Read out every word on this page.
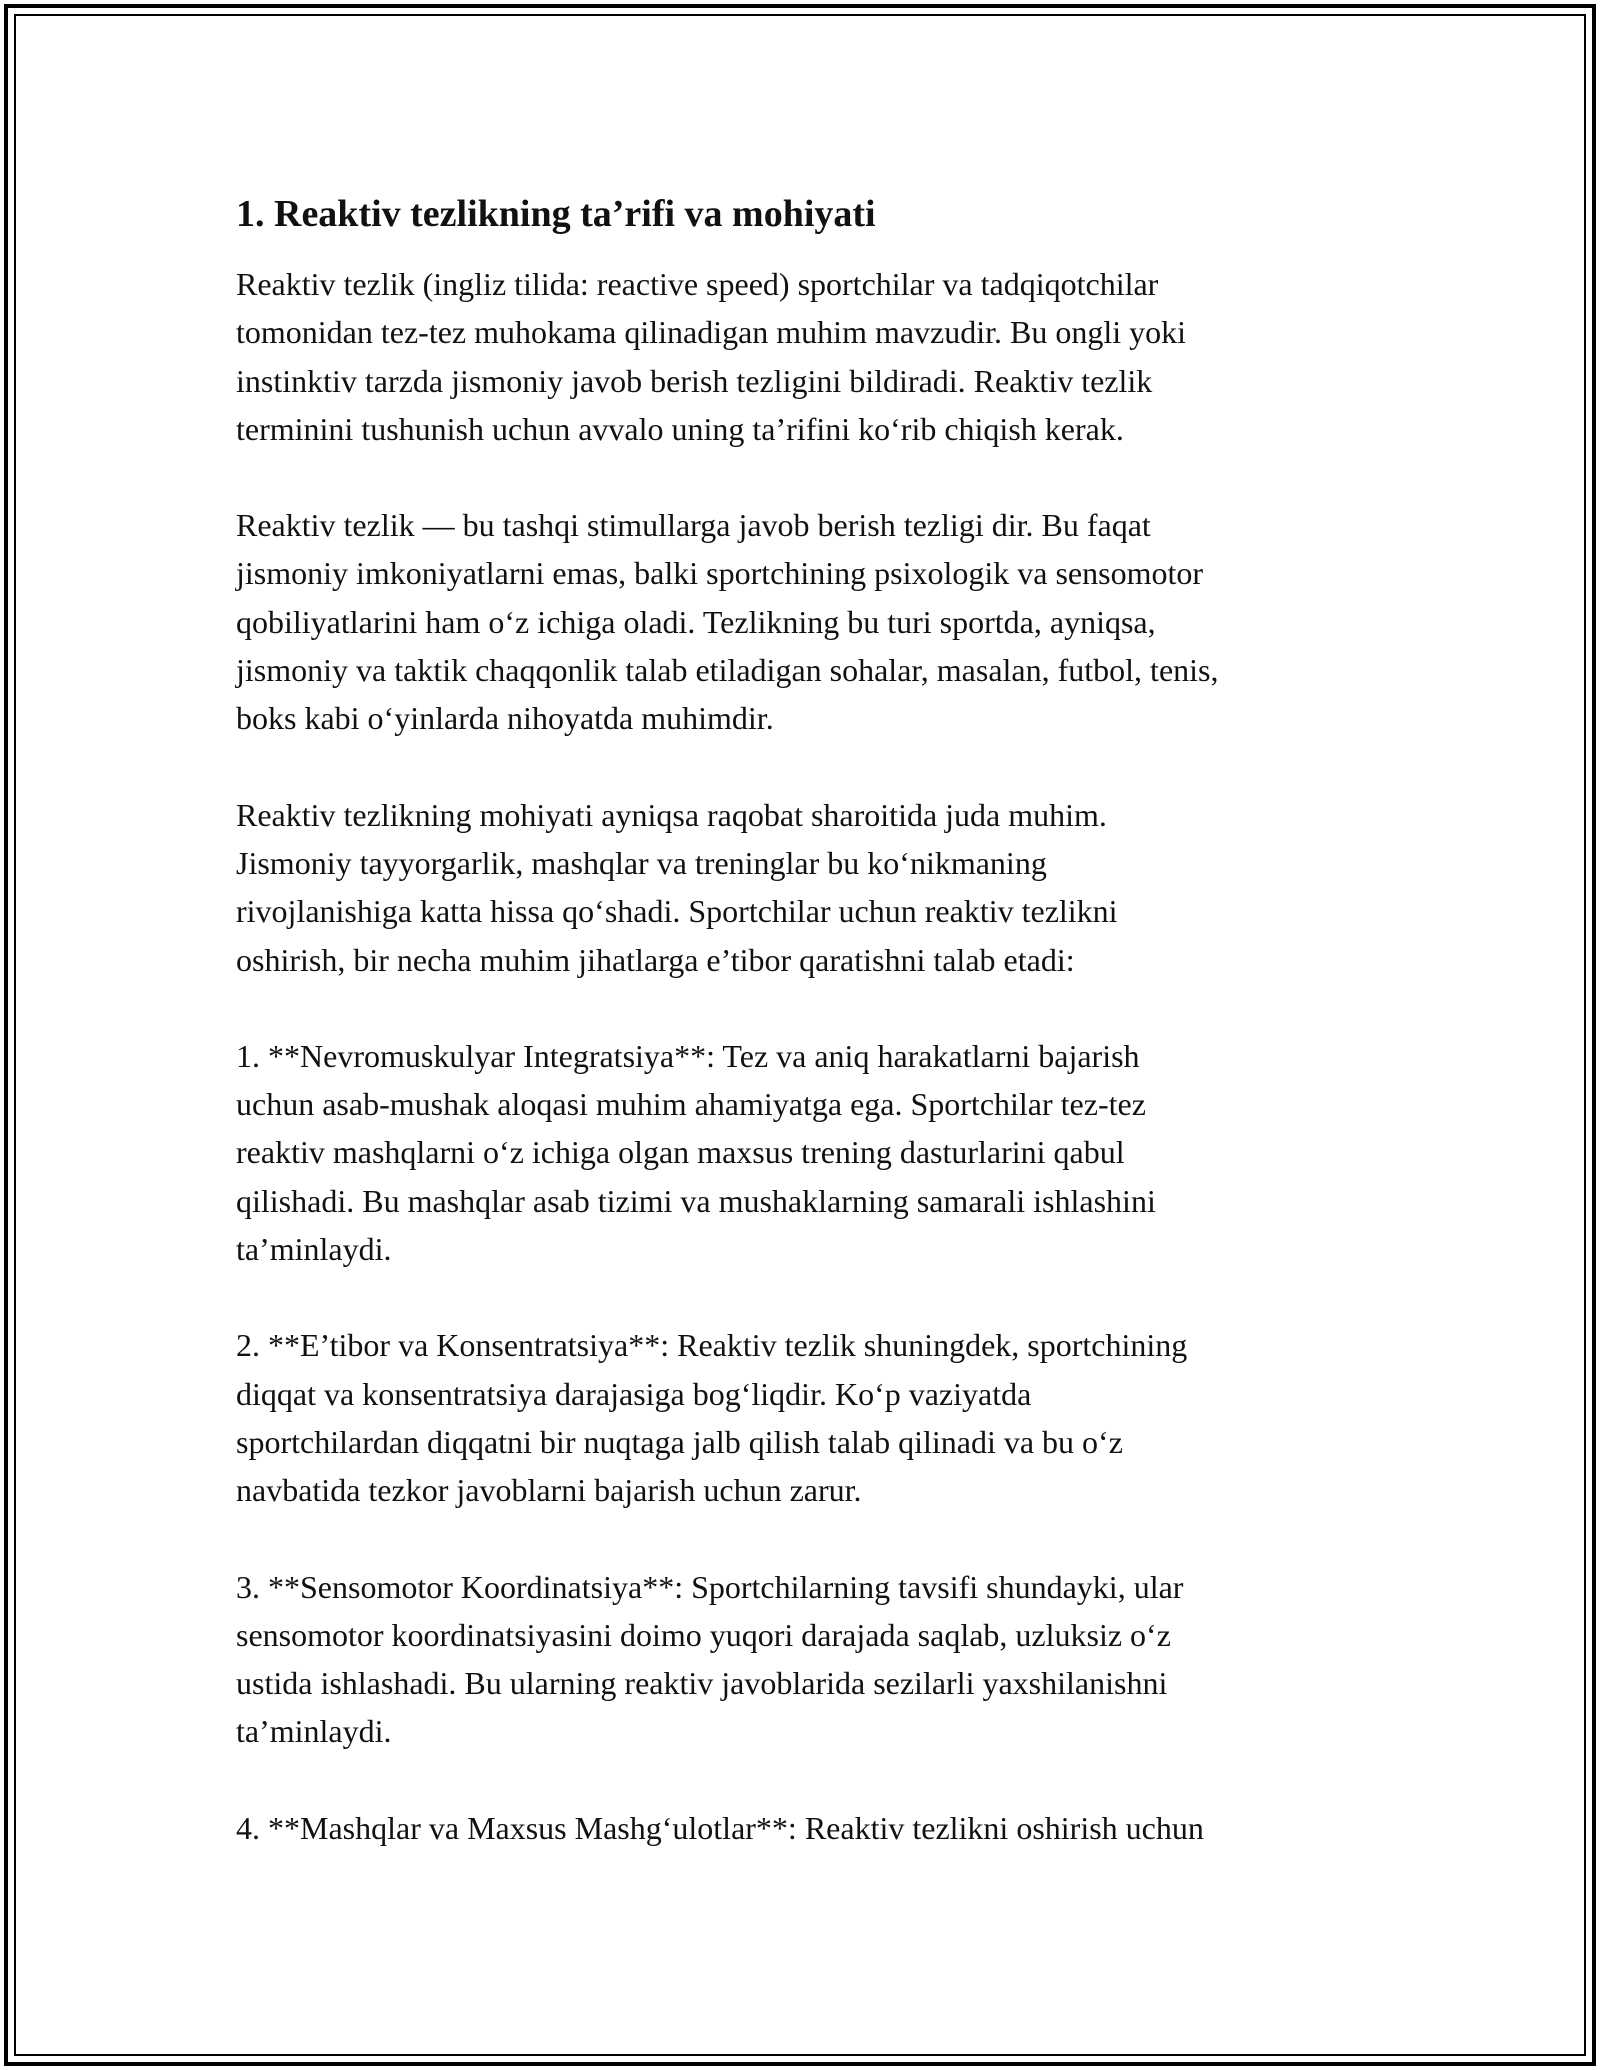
1. Reaktiv tezlikning ta’rifi va mohiyati

Reaktiv tezlik (ingliz tilida: reactive speed) sportchilar va tadqiqotchilar
tomonidan tez-tez muhokama qilinadigan muhim mavzudir. Bu ongli yoki
instinktiv tarzda jismoniy javob berish tezligini bildiradi. Reaktiv tezlik
terminini tushunish uchun avvalo uning ta’rifini koʻrib chiqish kerak.

Reaktiv tezlik — bu tashqi stimullarga javob berish tezligi dir. Bu faqat
jismoniy imkoniyatlarni emas, balki sportchining psixologik va sensomotor
qobiliyatlarini ham oʻz ichiga oladi. Tezlikning bu turi sportda, ayniqsa,
jismoniy va taktik chaqqonlik talab etiladigan sohalar, masalan, futbol, tenis,
boks kabi oʻyinlarda nihoyatda muhimdir.

Reaktiv tezlikning mohiyati ayniqsa raqobat sharoitida juda muhim.
Jismoniy tayyorgarlik, mashqlar va treninglar bu koʻnikmaning
rivojlanishiga katta hissa qoʻshadi. Sportchilar uchun reaktiv tezlikni
oshirish, bir necha muhim jihatlarga e’tibor qaratishni talab etadi:

1. **Nevromuskulyar Integratsiya**: Tez va aniq harakatlarni bajarish
uchun asab-mushak aloqasi muhim ahamiyatga ega. Sportchilar tez-tez
reaktiv mashqlarni oʻz ichiga olgan maxsus trening dasturlarini qabul
qilishadi. Bu mashqlar asab tizimi va mushaklarning samarali ishlashini
ta’minlaydi.

2. **E’tibor va Konsentratsiya**: Reaktiv tezlik shuningdek, sportchining
diqqat va konsentratsiya darajasiga bogʻliqdir. Koʻp vaziyatda
sportchilardan diqqatni bir nuqtaga jalb qilish talab qilinadi va bu oʻz
navbatida tezkor javoblarni bajarish uchun zarur.

3. **Sensomotor Koordinatsiya**: Sportchilarning tavsifi shundayki, ular
sensomotor koordinatsiyasini doimo yuqori darajada saqlab, uzluksiz oʻz
ustida ishlashadi. Bu ularning reaktiv javoblarida sezilarli yaxshilanishni
ta’minlaydi.

4. **Mashqlar va Maxsus Mashgʻulotlar**: Reaktiv tezlikni oshirish uchun
